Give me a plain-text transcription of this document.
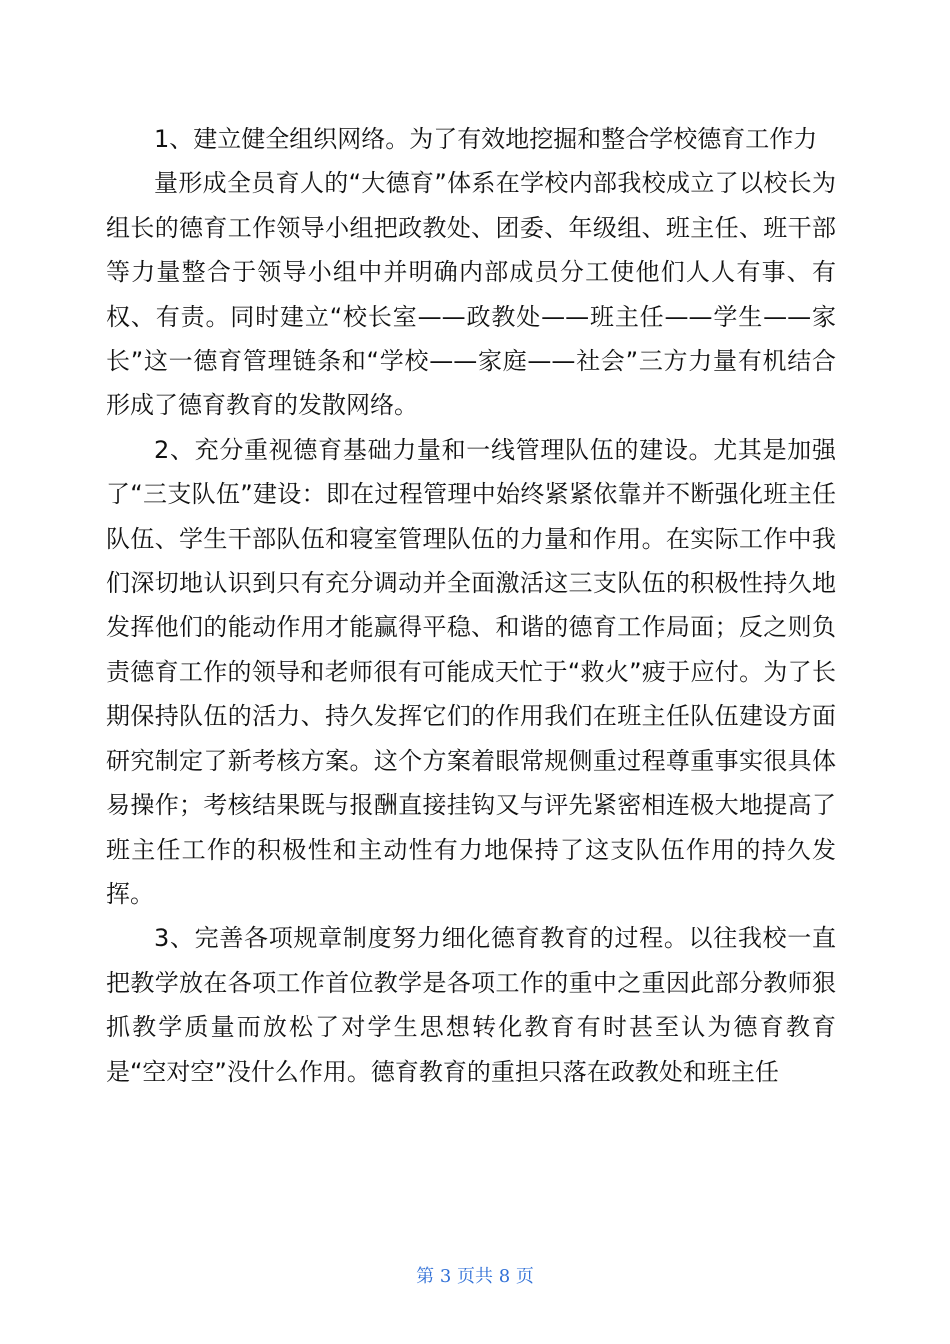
1、建立健全组织网络。为了有效地挖掘和整合学校德育工作力

量形成全员育人的“大德育”体系在学校内部我校成立了以校长为组长的德育工作领导小组把政教处、团委、年级组、班主任、班干部等力量整合于领导小组中并明确内部成员分工使他们人人有事、有权、有责。同时建立“校长室——政教处——班主任——学生——家长”这一德育管理链条和“学校——家庭——社会”三方力量有机结合形成了德育教育的发散网络。

2、充分重视德育基础力量和一线管理队伍的建设。尤其是加强了“三支队伍”建设：即在过程管理中始终紧紧依靠并不断强化班主任队伍、学生干部队伍和寝室管理队伍的力量和作用。在实际工作中我们深切地认识到只有充分调动并全面激活这三支队伍的积极性持久地发挥他们的能动作用才能赢得平稳、和谐的德育工作局面；反之则负责德育工作的领导和老师很有可能成天忙于“救火”疲于应付。为了长期保持队伍的活力、持久发挥它们的作用我们在班主任队伍建设方面研究制定了新考核方案。这个方案着眼常规侧重过程尊重事实很具体易操作；考核结果既与报酬直接挂钩又与评先紧密相连极大地提高了班主任工作的积极性和主动性有力地保持了这支队伍作用的持久发挥。

3、完善各项规章制度努力细化德育教育的过程。以往我校一直把教学放在各项工作首位教学是各项工作的重中之重因此部分教师狠抓教学质量而放松了对学生思想转化教育有时甚至认为德育教育是“空对空”没什么作用。德育教育的重担只落在政教处和班主任

第 3 页共 8 页
